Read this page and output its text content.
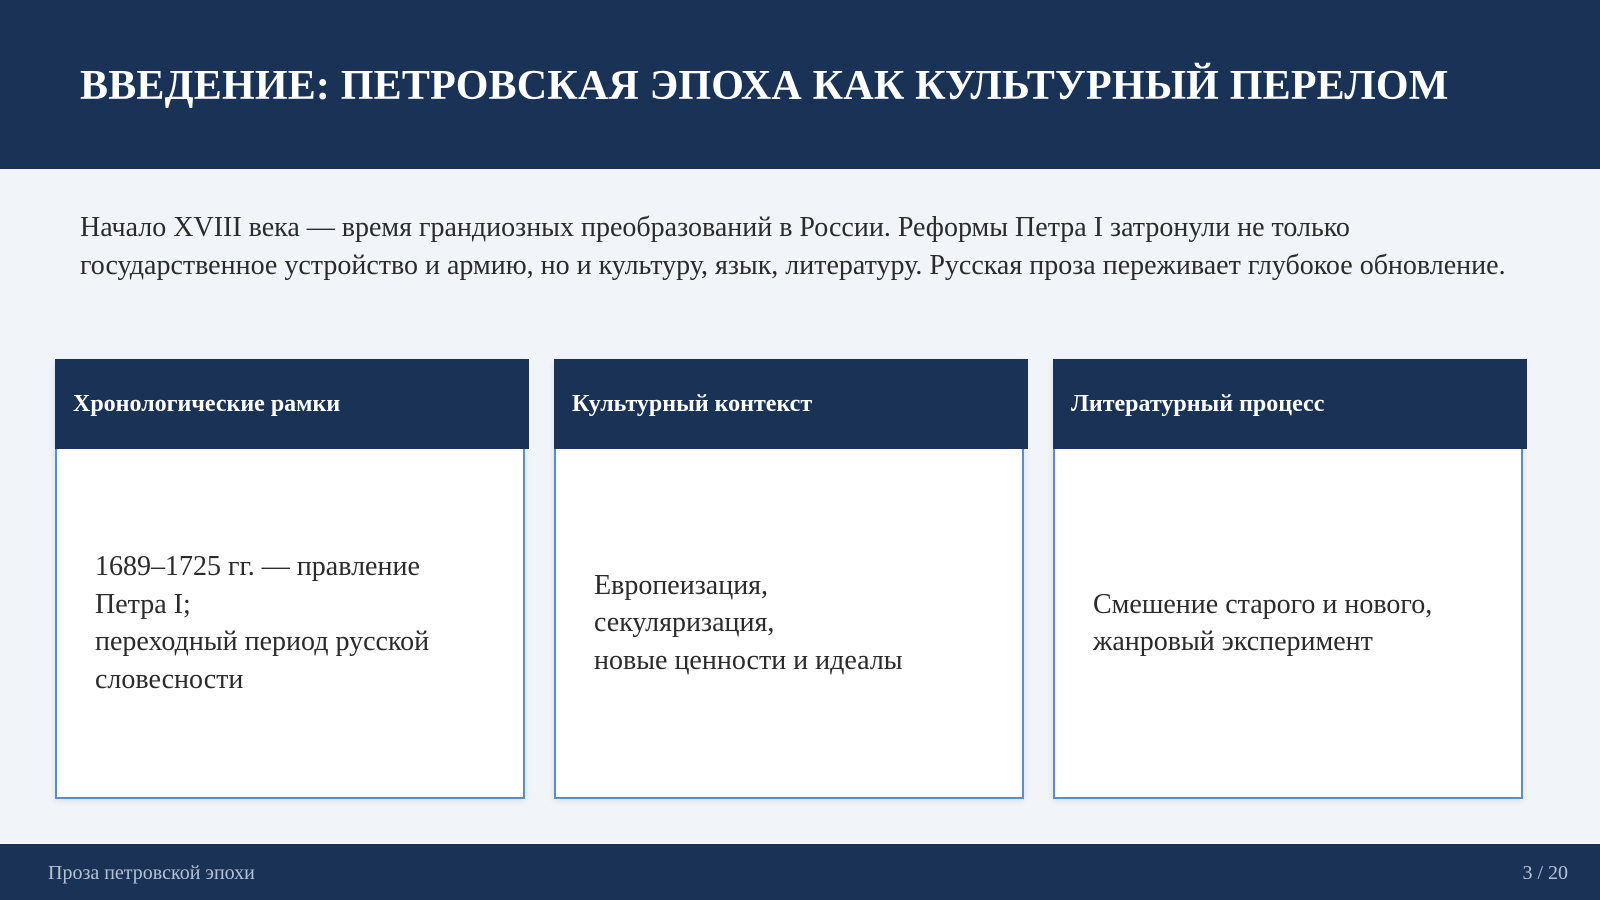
ВВЕДЕНИЕ: ПЕТРОВСКАЯ ЭПОХА КАК КУЛЬТУРНЫЙ ПЕРЕЛОМ

Начало XVIII века — время грандиозных преобразований в России. Реформы Петра I затронули не только государственное устройство и армию, но и культуру, язык, литературу. Русская проза переживает глубокое обновление.

Хронологические рамки

1689–1725 гг. — правление Петра I;
переходный период русской словесности

Культурный контекст

Европеизация,
секуляризация,
новые ценности и идеалы

Литературный процесс

Смешение старого и нового,
жанровый эксперимент

Проза петровской эпохи	3 / 20
